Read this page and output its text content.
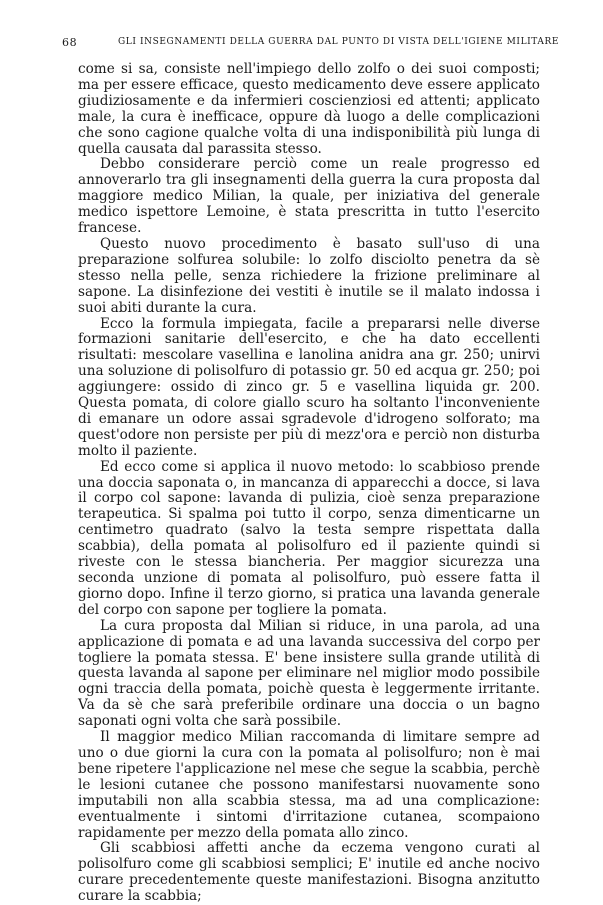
68	GLI INSEGNAMENTI DELLA GUERRA DAL PUNTO DI VISTA DELL'IGIENE MILITARE

come si sa, consiste nell'impiego dello zolfo o dei suoi composti; ma per essere efficace, questo medicamento deve essere applicato giudiziosamente e da infermieri coscienziosi ed attenti; applicato male, la cura è inefficace, oppure dà luogo a delle complicazioni che sono cagione qualche volta di una indisponibilità più lunga di quella causata dal parassita stesso.

Debbo considerare perciò come un reale progresso ed annoverarlo tra gli insegnamenti della guerra la cura proposta dal maggiore medico Milian, la quale, per iniziativa del generale medico ispettore Lemoine, è stata prescritta in tutto l'esercito francese.

Questo nuovo procedimento è basato sull'uso di una preparazione solfurea solubile: lo zolfo disciolto penetra da sè stesso nella pelle, senza richiedere la frizione preliminare al sapone. La disinfezione dei vestiti è inutile se il malato indossa i suoi abiti durante la cura.

Ecco la formula impiegata, facile a prepararsi nelle diverse formazioni sanitarie dell'esercito, e che ha dato eccellenti risultati: mescolare vasellina e lanolina anidra ana gr. 250; unirvi una soluzione di polisolfuro di potassio gr. 50 ed acqua gr. 250; poi aggiungere: ossido di zinco gr. 5 e vasellina liquida gr. 200. Questa pomata, di colore giallo scuro ha soltanto l'inconveniente di emanare un odore assai sgradevole d'idrogeno solforato; ma quest'odore non persiste per più di mezz'ora e perciò non disturba molto il paziente.

Ed ecco come si applica il nuovo metodo: lo scabbioso prende una doccia saponata o, in mancanza di apparecchi a docce, si lava il corpo col sapone: lavanda di pulizia, cioè senza preparazione terapeutica. Si spalma poi tutto il corpo, senza dimenticarne un centimetro quadrato (salvo la testa sempre rispettata dalla scabbia), della pomata al polisolfuro ed il paziente quindi si riveste con le stessa biancheria. Per maggior sicurezza una seconda unzione di pomata al polisolfuro, può essere fatta il giorno dopo. Infine il terzo giorno, si pratica una lavanda generale del corpo con sapone per togliere la pomata.

La cura proposta dal Milian si riduce, in una parola, ad una applicazione di pomata e ad una lavanda successiva del corpo per togliere la pomata stessa. E' bene insistere sulla grande utilità di questa lavanda al sapone per eliminare nel miglior modo possibile ogni traccia della pomata, poichè questa è leggermente irritante. Va da sè che sarà preferibile ordinare una doccia o un bagno saponati ogni volta che sarà possibile.

Il maggior medico Milian raccomanda di limitare sempre ad uno o due giorni la cura con la pomata al polisolfuro; non è mai bene ripetere l'applicazione nel mese che segue la scabbia, perchè le lesioni cutanee che possono manifestarsi nuovamente sono imputabili non alla scabbia stessa, ma ad una complicazione: eventualmente i sintomi d'irritazione cutanea, scompaiono rapidamente per mezzo della pomata allo zinco.

Gli scabbiosi affetti anche da eczema vengono curati al polisolfuro come gli scabbiosi semplici; E' inutile ed anche nocivo curare precedentemente queste manifestazioni. Bisogna anzitutto curare la scabbia;
